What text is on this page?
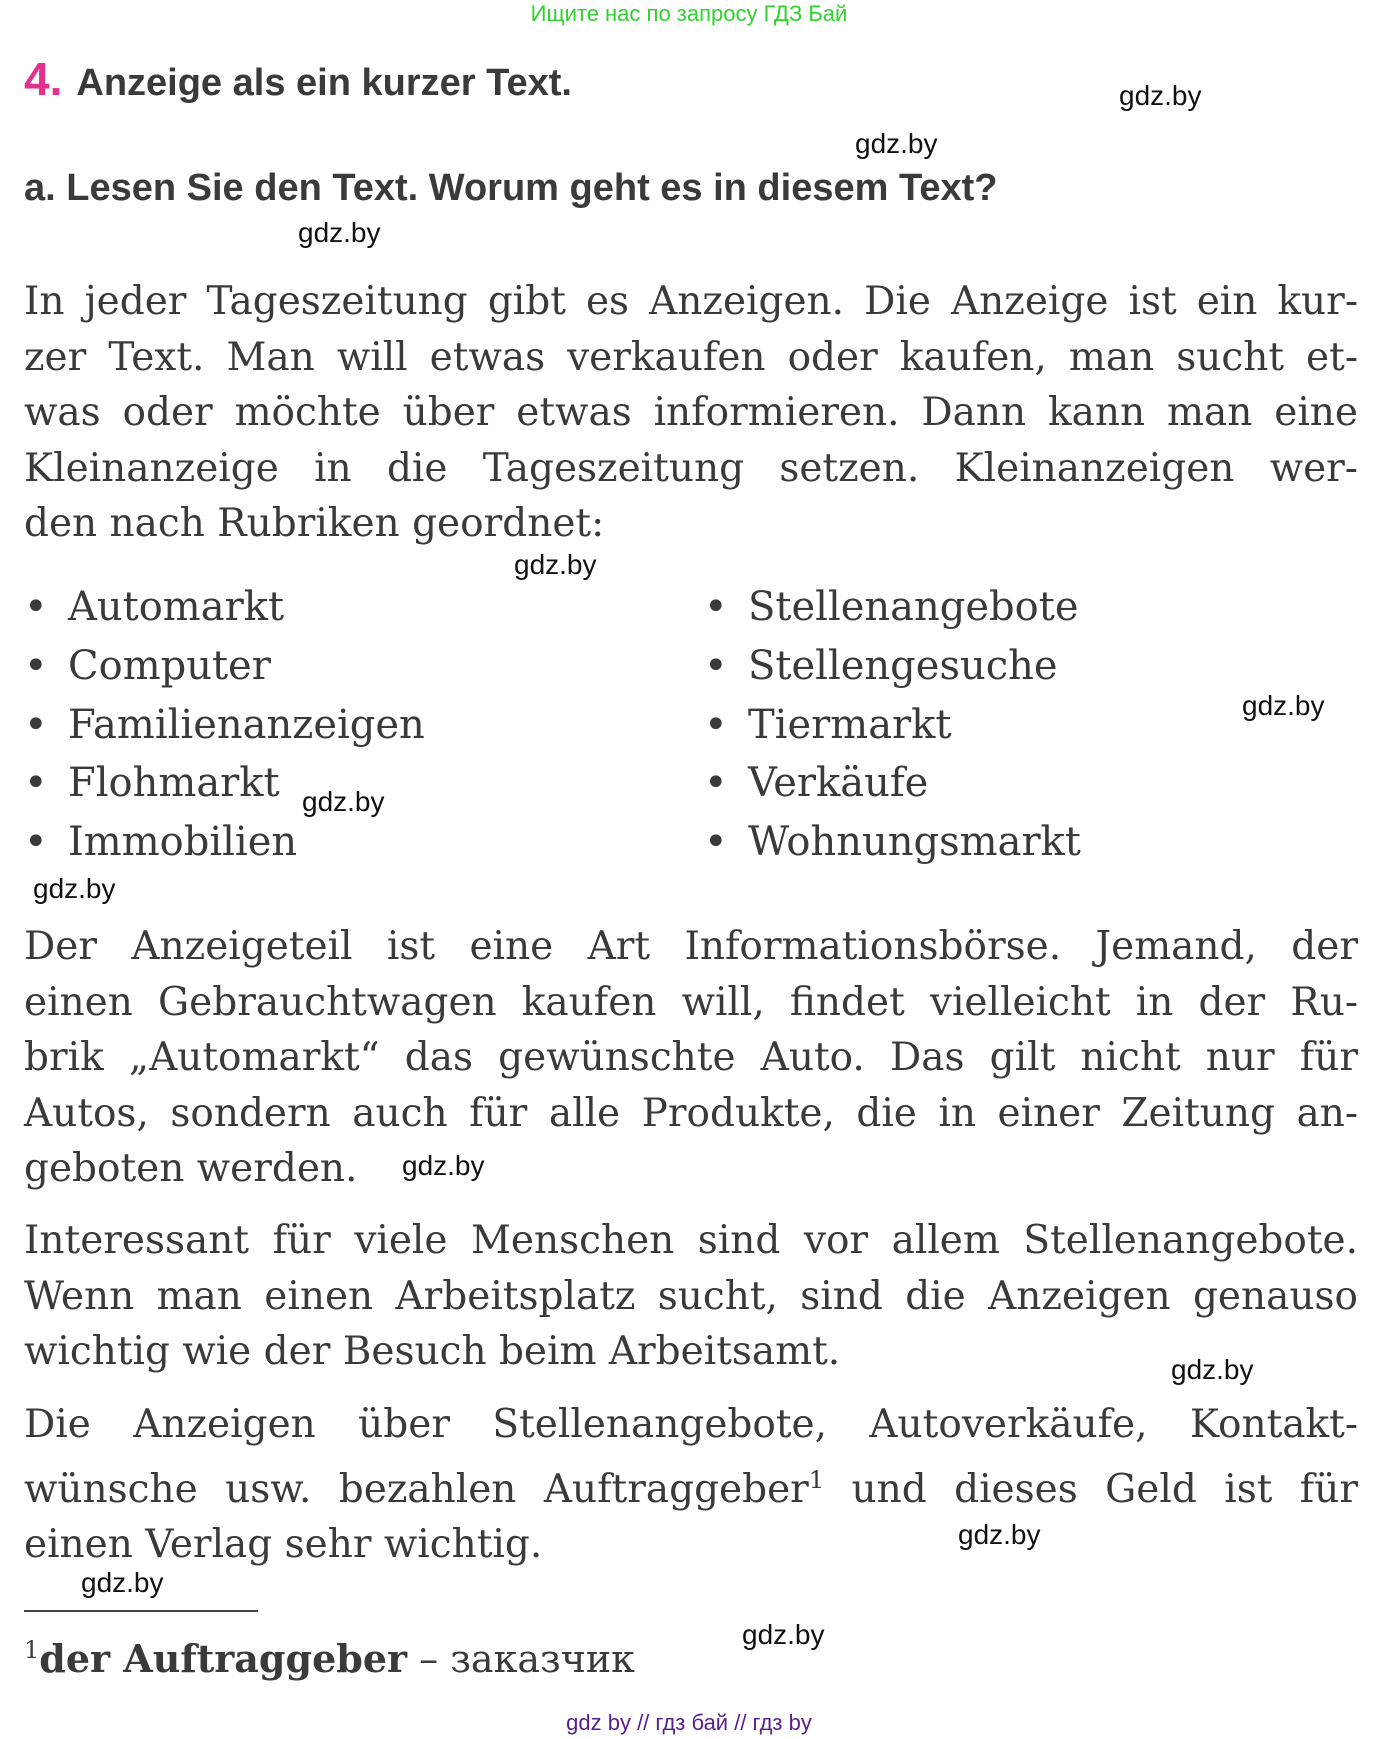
Ищите нас по запросу ГДЗ Бай
4. Anzeige als ein kurzer Text.
a. Lesen Sie den Text. Worum geht es in diesem Text?
In jeder Tageszeitung gibt es Anzeigen. Die Anzeige ist ein kur-
zer Text. Man will etwas verkaufen oder kaufen, man sucht et-
was oder möchte über etwas informieren. Dann kann man eine
Kleinanzeige in die Tageszeitung setzen. Kleinanzeigen wer-
den nach Rubriken geordnet:
• Automarkt
• Computer
• Familienanzeigen
• Flohmarkt
• Immobilien
• Stellenangebote
• Stellengesuche
• Tiermarkt
• Verkäufe
• Wohnungsmarkt
Der Anzeigeteil ist eine Art Informationsbörse. Jemand, der
einen Gebrauchtwagen kaufen will, findet vielleicht in der Ru-
brik „Automarkt“ das gewünschte Auto. Das gilt nicht nur für
Autos, sondern auch für alle Produkte, die in einer Zeitung an-
geboten werden.
Interessant für viele Menschen sind vor allem Stellenangebote.
Wenn man einen Arbeitsplatz sucht, sind die Anzeigen genauso
wichtig wie der Besuch beim Arbeitsamt.
Die Anzeigen über Stellenangebote, Autoverkäufe, Kontakt-
wünsche usw. bezahlen Auftraggeber$^1$ und dieses Geld ist für
einen Verlag sehr wichtig.
$^1$der Auftraggeber – заказчик
gdz.by
gdz.by
gdz.by
gdz.by
gdz.by
gdz.by
gdz.by
gdz.by
gdz.by
gdz.by
gdz.by
gdz.by
gdz by // гдз бай // гдз by
